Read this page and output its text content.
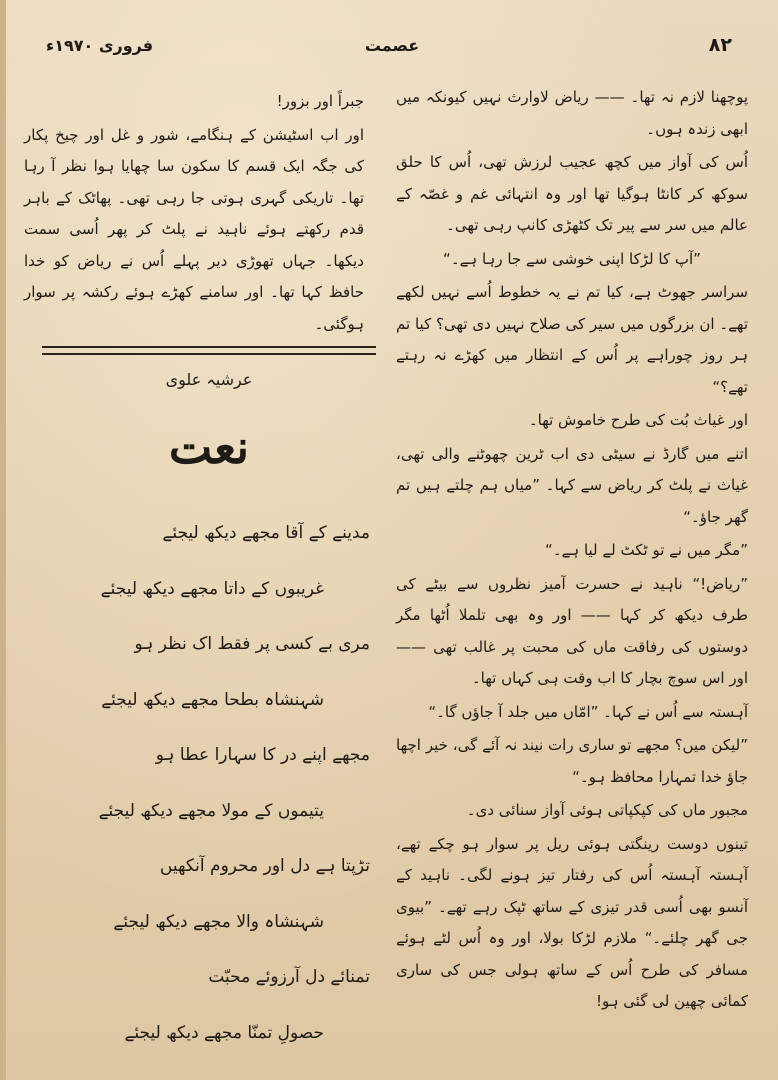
۸۲
عصمت
فروری ۱۹۷۰ء

پوچھنا لازم نہ تھا۔ —— ریاض لاوارث نہیں کیونکہ میں ابھی زندہ ہوں۔

اُس کی آواز میں کچھ عجیب لرزش تھی، اُس کا حلق سوکھ کر کانٹا ہوگیا تھا اور وہ انتہائی غم و غصّہ کے عالم میں سر سے پیر تک کٹھڑی کانپ رہی تھی۔

”آپ کا لڑکا اپنی خوشی سے جا رہا ہے۔“

سراسر جھوٹ ہے، کیا تم نے یہ خطوط اُسے نہیں لکھے تھے۔ ان بزرگوں میں سیر کی صلاح نہیں دی تھی؟ کیا تم ہر روز چوراہے پر اُس کے انتظار میں کھڑے نہ رہتے تھے؟“

اور غیاث بُت کی طرح خاموش تھا۔

اتنے میں گارڈ نے سیٹی دی اب ٹرین چھوٹنے والی تھی، غیاث نے پلٹ کر ریاض سے کہا۔ ”میاں ہم چلتے ہیں تم گھر جاؤ۔“

”مگر میں نے تو ٹکٹ لے لیا ہے۔“

”ریاض!“ ناہید نے حسرت آمیز نظروں سے بیٹے کی طرف دیکھ کر کہا —— اور وہ بھی تلملا اُٹھا مگر دوستوں کی رفاقت ماں کی محبت پر غالب تھی —— اور اس سوچ بچار کا اب وقت ہی کہاں تھا۔

آہستہ سے اُس نے کہا۔ ”امّاں میں جلد آ جاؤں گا۔“

”لیکن میں؟ مجھے تو ساری رات نیند نہ آئے گی، خیر اچھا جاؤ خدا تمہارا محافظ ہو۔“

مجبور ماں کی کپکپاتی ہوئی آواز سنائی دی۔

تینوں دوست رینگتی ہوئی ریل پر سوار ہو چکے تھے، آہستہ آہستہ اُس کی رفتار تیز ہونے لگی۔ ناہید کے آنسو بھی اُسی قدر تیزی کے ساتھ ٹپک رہے تھے۔ ”بیوی جی گھر چلئے۔“ ملازم لڑکا بولا، اور وہ اُس لٹے ہوئے مسافر کی طرح اُس کے ساتھ ہولی جس کی ساری کمائی چھین لی گئی ہو!

جبراً اور بزور!

اور اب اسٹیشن کے ہنگامے، شور و غل اور چیخ پکار کی جگہ ایک قسم کا سکون سا چھایا ہوا نظر آ رہا تھا۔ تاریکی گہری ہوتی جا رہی تھی۔ پھاٹک کے باہر قدم رکھتے ہوئے ناہید نے پلٹ کر پھر اُسی سمت دیکھا۔ جہاں تھوڑی دیر پہلے اُس نے ریاض کو خدا حافظ کہا تھا۔ اور سامنے کھڑے ہوئے رکشہ پر سوار ہوگئی۔

عرشیہ علوی
نعت
مدینے کے آقا مجھے دیکھ لیجئے
غریبوں کے داتا مجھے دیکھ لیجئے
مری بے کسی پر فقط اک نظر ہو
شہنشاہ بطحا مجھے دیکھ لیجئے
مجھے اپنے در کا سہارا عطا ہو
یتیموں کے مولا مجھے دیکھ لیجئے
تڑپتا ہے دل اور محروم آنکھیں
شہنشاہ والا مجھے دیکھ لیجئے
تمنائے دل آرزوئے محبّت
حصولِ تمنّا مجھے دیکھ لیجئے
